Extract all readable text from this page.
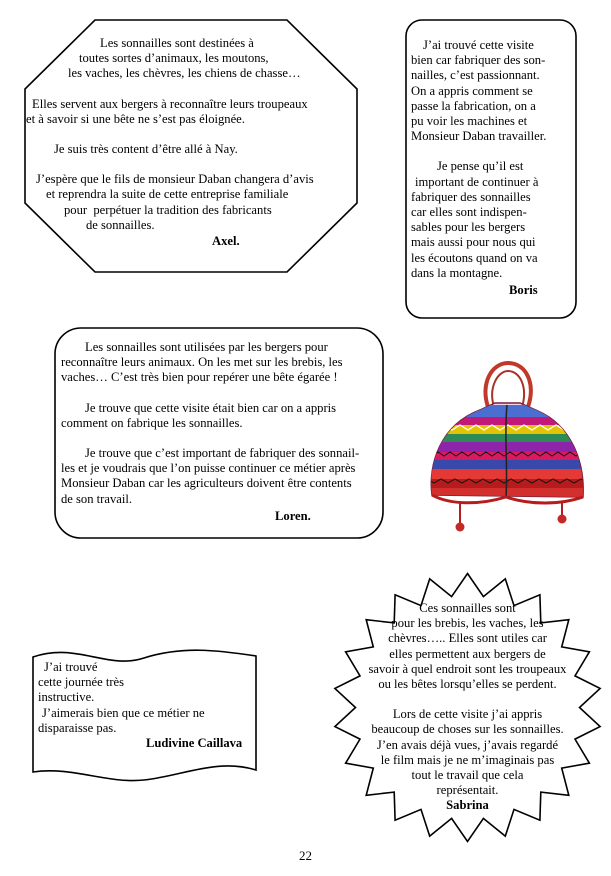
Les sonnailles sont destinées à
toutes sortes d’animaux, les moutons,
les vaches, les chèvres, les chiens de chasse…
Elles servent aux bergers à reconnaître leurs troupeaux
et à savoir si une bête ne s’est pas éloignée.
Je suis très content d’être allé à Nay.
J’espère que le fils de monsieur Daban changera d’avis
et reprendra la suite de cette entreprise familiale
pour  perpétuer la tradition des fabricants
de sonnailles.
Axel.
J’ai trouvé cette visite
bien car fabriquer des son-
nailles, c’est passionnant.
On a appris comment se
passe la fabrication, on a
pu voir les machines et
Monsieur Daban travailler.
Je pense qu’il est
important de continuer à
fabriquer des sonnailles
car elles sont indispen-
sables pour les bergers
mais aussi pour nous qui
les écoutons quand on va
dans la montagne.
Boris
Les sonnailles sont utilisées par les bergers pour
reconnaître leurs animaux. On les met sur les brebis, les
vaches… C’est très bien pour repérer une bête égarée !
Je trouve que cette visite était bien car on a appris
comment on fabrique les sonnailles.
Je trouve que c’est important de fabriquer des sonnail-
les et je voudrais que l’on puisse continuer ce métier après
Monsieur Daban car les agriculteurs doivent être contents
de son travail.
Loren.
J’ai trouvé
cette journée très
instructive.
J’aimerais bien que ce métier ne
disparaisse pas.
Ludivine Caillava
Ces sonnailles sont
pour les brebis, les vaches, les
chèvres….. Elles sont utiles car
elles permettent aux bergers de
savoir à quel endroit sont les troupeaux
ou les bêtes lorsqu’elles se perdent.
Lors de cette visite j’ai appris
beaucoup de choses sur les sonnailles.
J’en avais déjà vues, j’avais regardé
le film mais je ne m’imaginais pas
tout le travail que cela
représentait.
Sabrina
22
